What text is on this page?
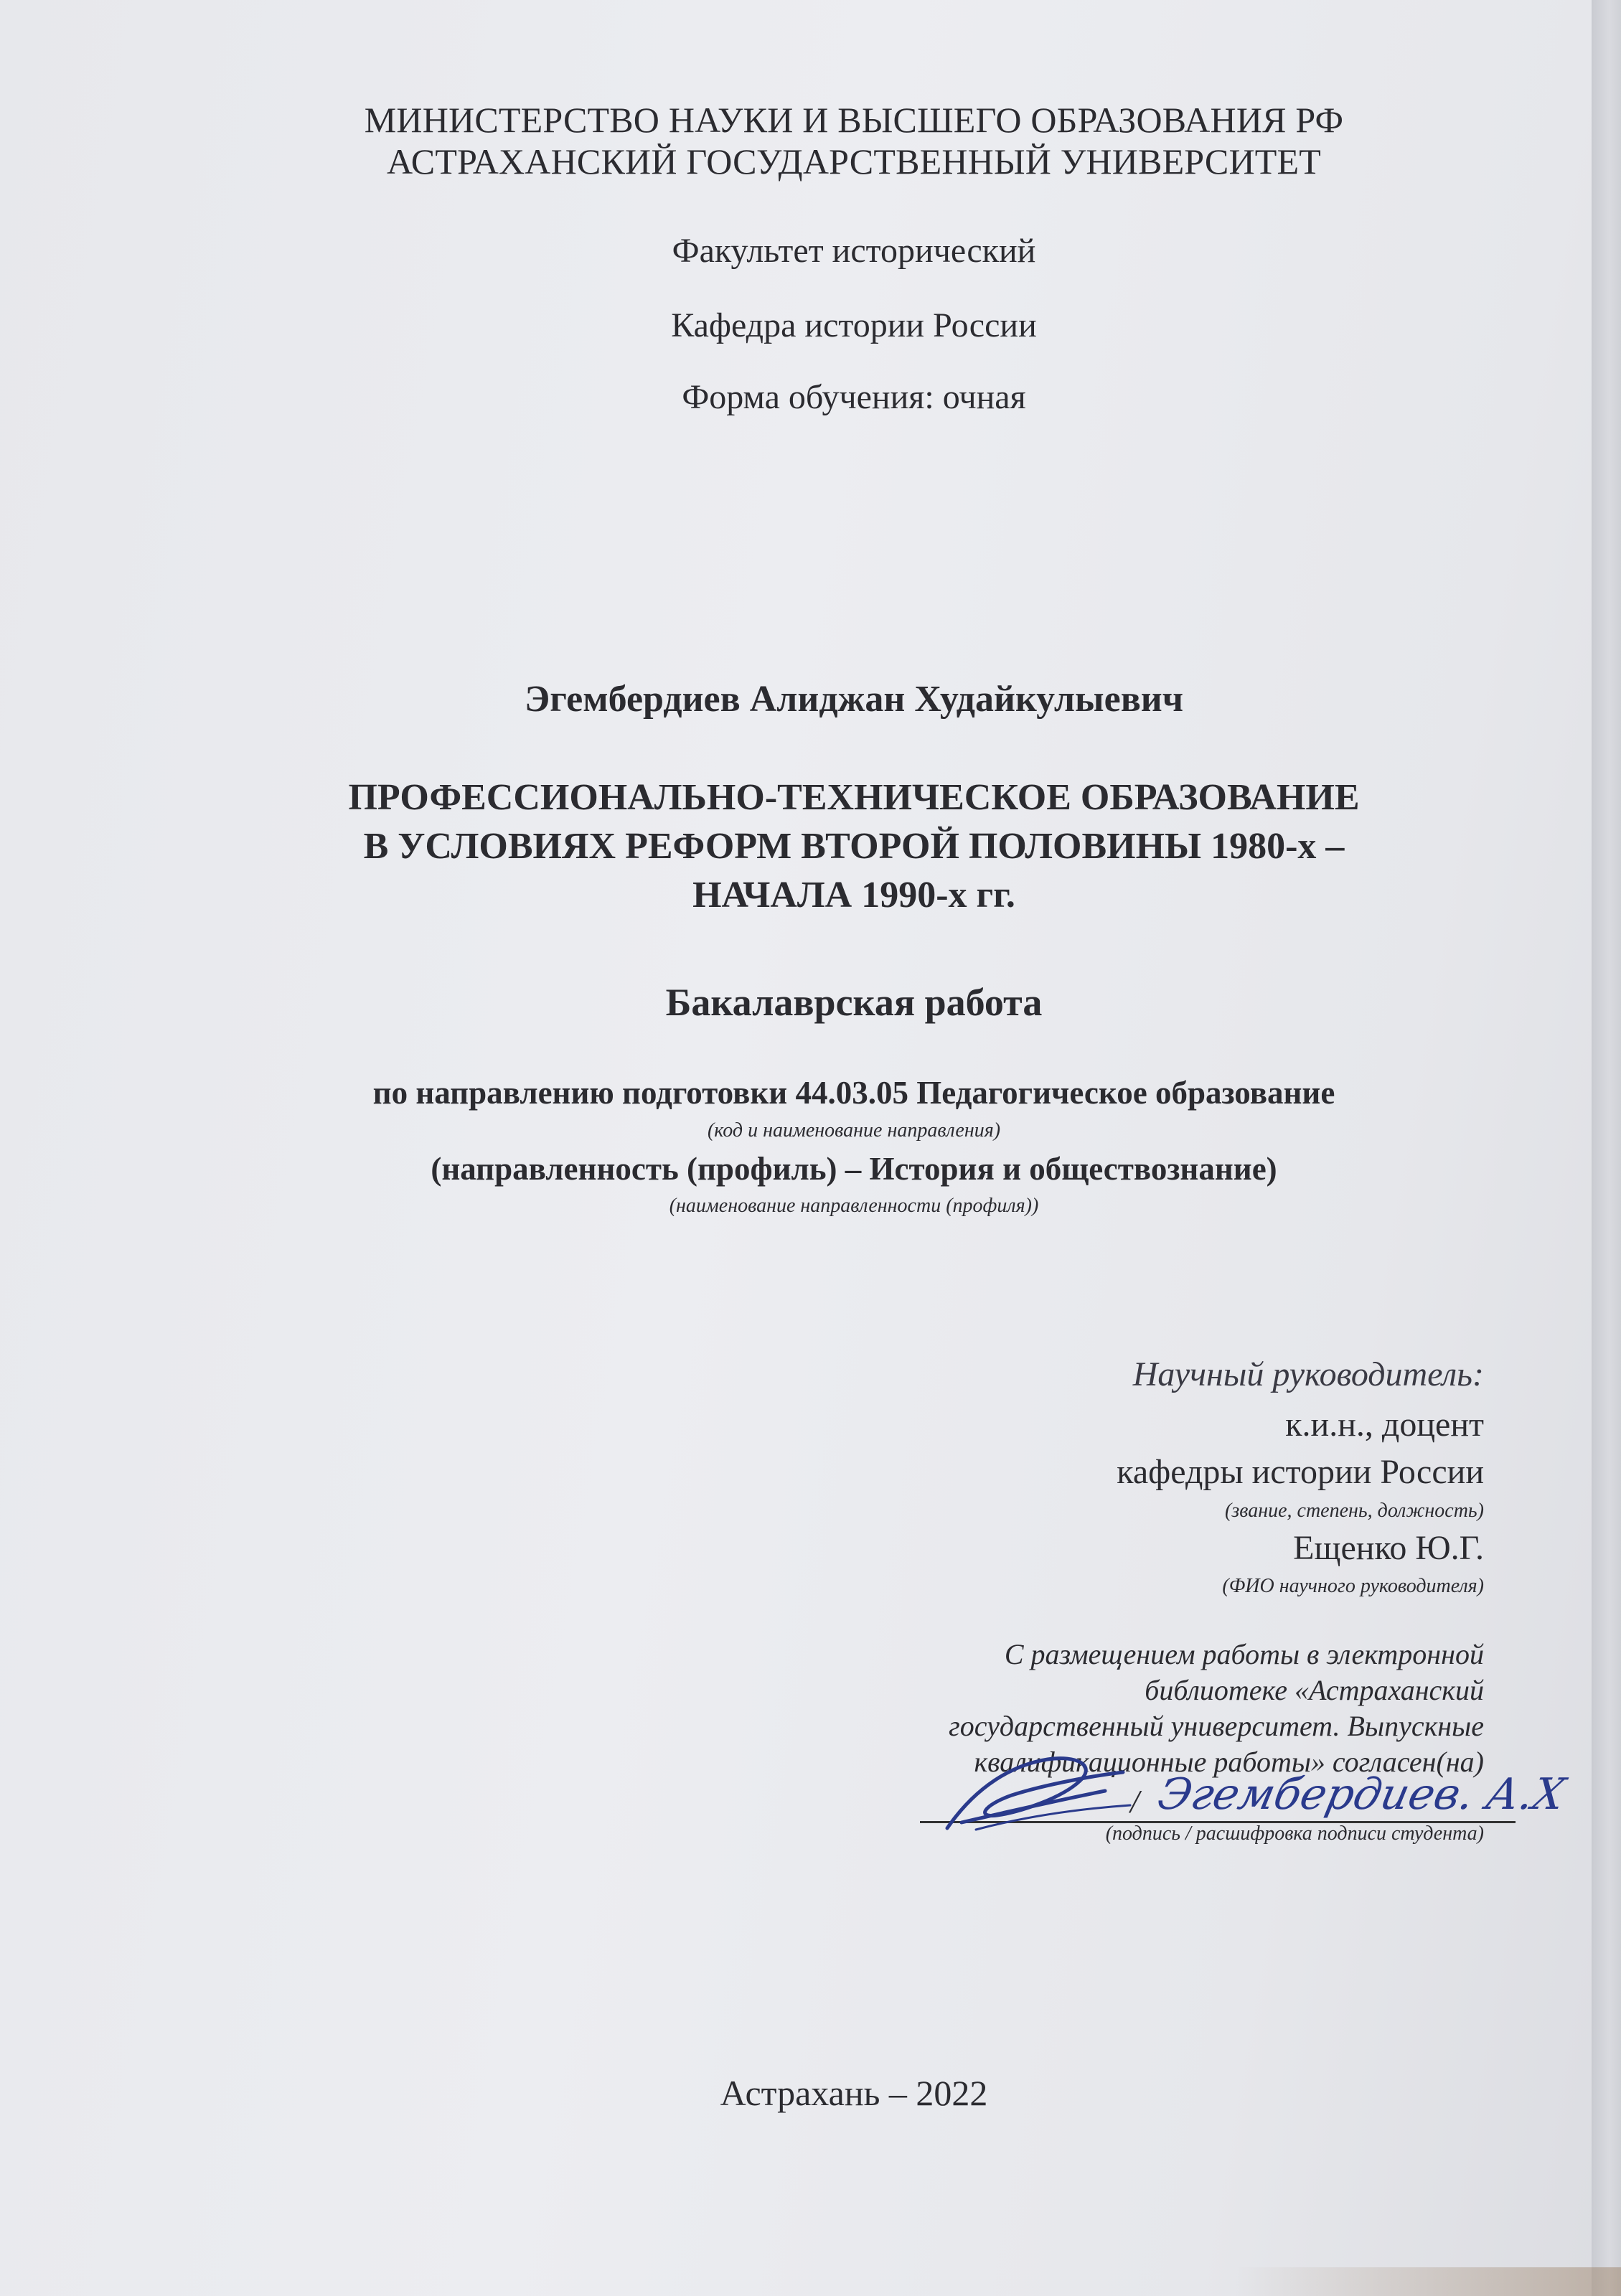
МИНИСТЕРСТВО НАУКИ И ВЫСШЕГО ОБРАЗОВАНИЯ РФ
АСТРАХАНСКИЙ ГОСУДАРСТВЕННЫЙ УНИВЕРСИТЕТ
Факультет исторический
Кафедра истории России
Форма обучения: очная
Эгембердиев Алиджан Худайкулыевич
ПРОФЕССИОНАЛЬНО-ТЕХНИЧЕСКОЕ ОБРАЗОВАНИЕ
В УСЛОВИЯХ РЕФОРМ ВТОРОЙ ПОЛОВИНЫ 1980-х –
НАЧАЛА 1990-х гг.
Бакалаврская работа
по направлению подготовки 44.03.05 Педагогическое образование
(код и наименование направления)
(направленность (профиль) – История и обществознание)
(наименование направленности (профиля))
Научный руководитель:
к.и.н., доцент
кафедры истории России
(звание, степень, должность)
Ещенко Ю.Г.
(ФИО научного руководителя)
С размещением работы в электронной
библиотеке «Астраханский
государственный университет. Выпускные
квалификационные работы» согласен(на)
/ Эгембердиев. А.Х
(подпись / расшифровка подписи студента)
Астрахань – 2022
